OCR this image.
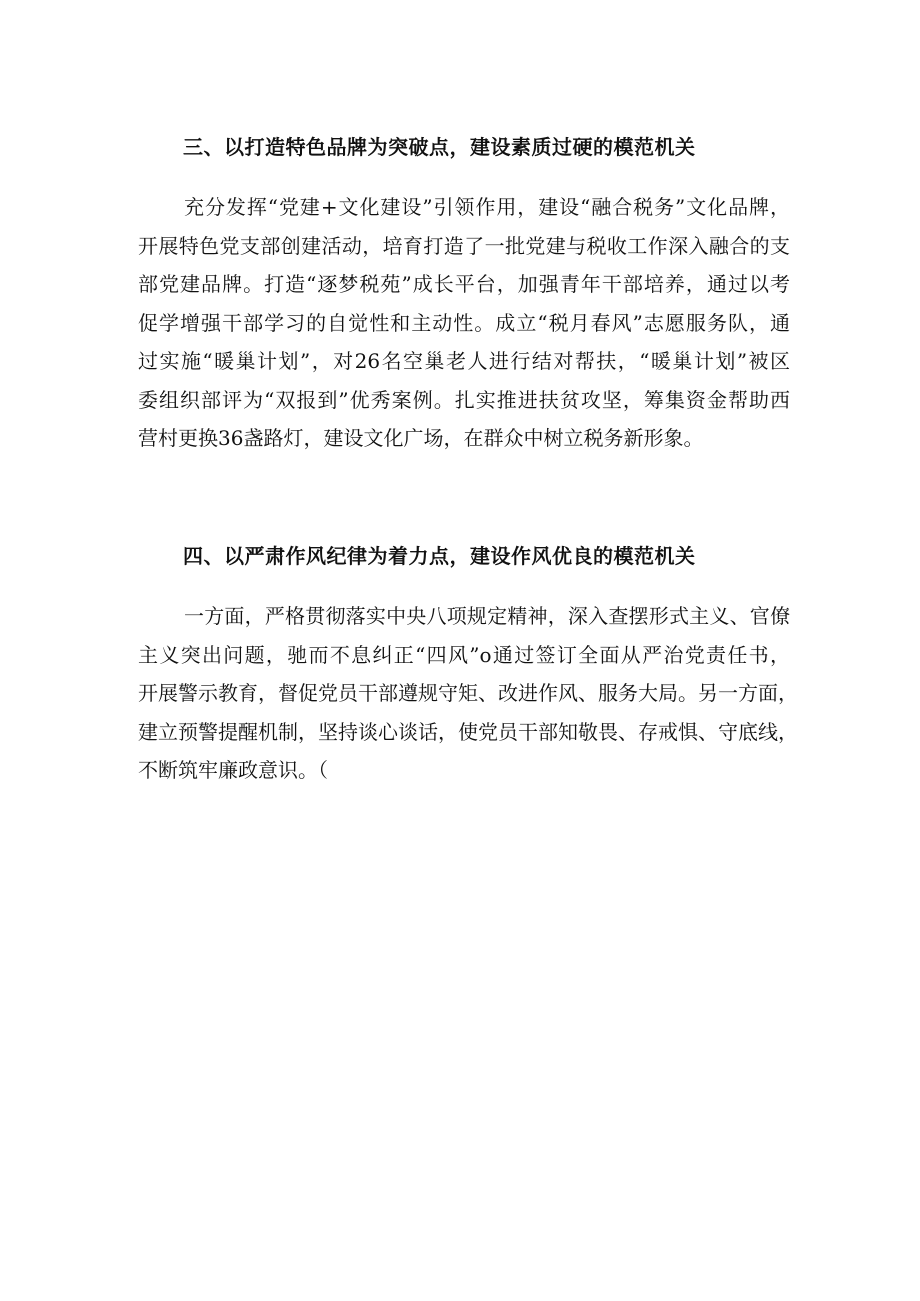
三、以打造特色品牌为突破点，建设素质过硬的模范机关
充分发挥“党建+文化建设”引领作用，建设“融合税务”文化品牌，
开展特色党支部创建活动，培育打造了一批党建与税收工作深入融合的支
部党建品牌。打造“逐梦税苑”成长平台，加强青年干部培养，通过以考
促学增强干部学习的自觉性和主动性。成立“税月春风”志愿服务队，通
过实施“暖巢计划”，对26名空巢老人进行结对帮扶，“暖巢计划”被区
委组织部评为“双报到”优秀案例。扎实推进扶贫攻坚，筹集资金帮助西
营村更换36盏路灯，建设文化广场，在群众中树立税务新形象。
四、以严肃作风纪律为着力点，建设作风优良的模范机关
一方面，严格贯彻落实中央八项规定精神，深入查摆形式主义、官僚
主义突出问题，驰而不息纠正“四风”o通过签订全面从严治党责任书，
开展警示教育，督促党员干部遵规守矩、改进作风、服务大局。另一方面，
建立预警提醒机制，坚持谈心谈话，使党员干部知敬畏、存戒惧、守底线，
不断筑牢廉政意识。（
